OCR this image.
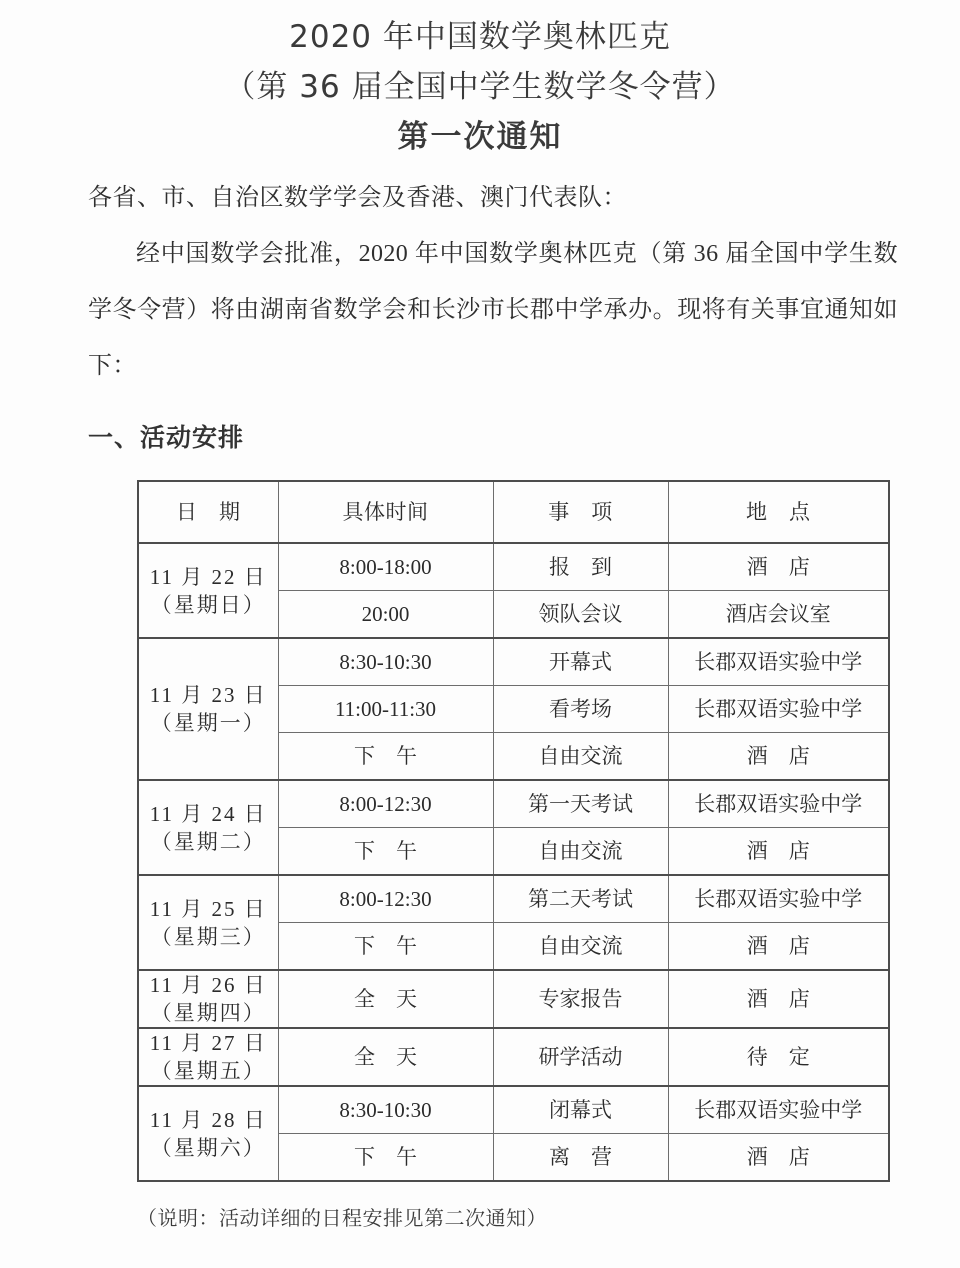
2020 年中国数学奥林匹克
（第 36 届全国中学生数学冬令营）
第一次通知

各省、市、自治区数学学会及香港、澳门代表队：

经中国数学会批准，2020 年中国数学奥林匹克（第 36 届全国中学生数学冬令营）将由湖南省数学会和长沙市长郡中学承办。现将有关事宜通知如下：

一、活动安排
日　期	具体时间	事　项	地　点

11 月 22 日
（星期日）	8:00-18:00	报　到	酒　店
	20:00	领队会议	酒店会议室

11 月 23 日
（星期一）	8:30-10:30	开幕式	长郡双语实验中学
	11:00-11:30	看考场	长郡双语实验中学
	下　午	自由交流	酒　店

11 月 24 日
（星期二）	8:00-12:30	第一天考试	长郡双语实验中学
	下　午	自由交流	酒　店

11 月 25 日
（星期三）	8:00-12:30	第二天考试	长郡双语实验中学
	下　午	自由交流	酒　店

11 月 26 日
（星期四）	全　天	专家报告	酒　店

11 月 27 日
（星期五）	全　天	研学活动	待　定

11 月 28 日
（星期六）	8:30-10:30	闭幕式	长郡双语实验中学
	下　午	离　营	酒　店
（说明：活动详细的日程安排见第二次通知）
